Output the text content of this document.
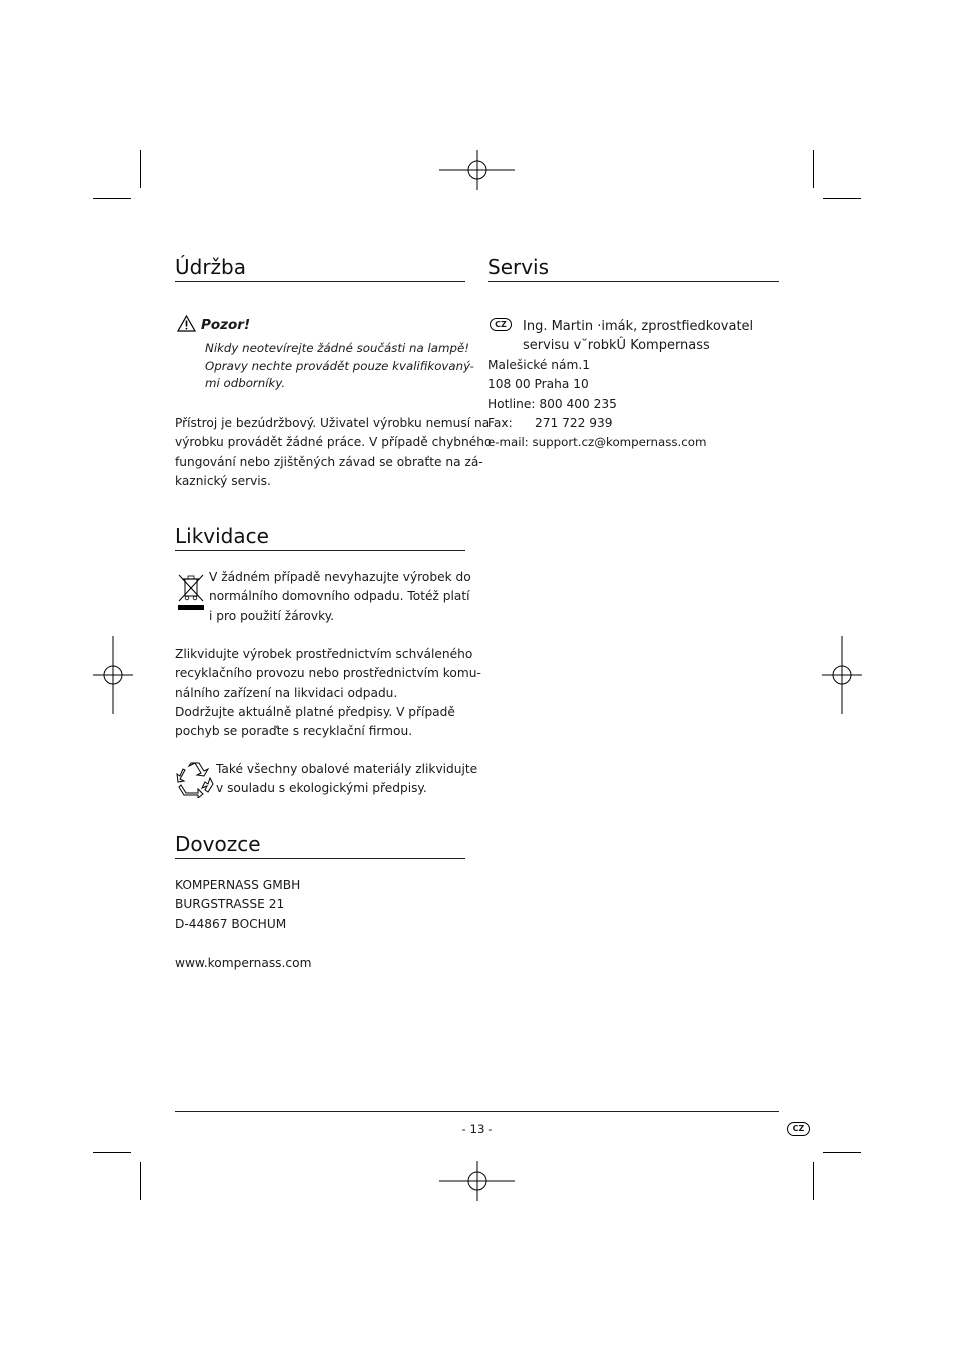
Údržba
Pozor!
Nikdy neotevírejte žádné součásti na lampě!
Opravy nechte provádět pouze kvalifikovaný-
mi odborníky.
Přístroj je bezúdržbový. Uživatel výrobku nemusí na
výrobku provádět žádné práce. V případě chybného
fungování nebo zjištěných závad se obraťte na zá-
kaznický servis.
Likvidace
V žádném případě nevyhazujte výrobek do
normálního domovního odpadu. Totéž platí
i pro použití žárovky.
Zlikvidujte výrobek prostřednictvím schváleného
recyklačního provozu nebo prostřednictvím komu-
nálního zařízení na likvidaci odpadu.
Dodržujte aktuálně platné předpisy. V případě
pochyb se poraďte s recyklační firmou.
Také všechny obalové materiály zlikvidujte
v souladu s ekologickými předpisy.
Dovozce
KOMPERNASS GMBH
BURGSTRASSE 21
D-44867 BOCHUM
www.kompernass.com
Servis
CZ	Ing. Martin ·imák, zprostfiedkovatel
servisu v˘robkÛ Kompernass
Malešické nám.1
108 00 Praha 10
Hotline: 800 400 235
Fax: 271 722 939
e-mail: support.cz@kompernass.com
- 13 -	CZ
